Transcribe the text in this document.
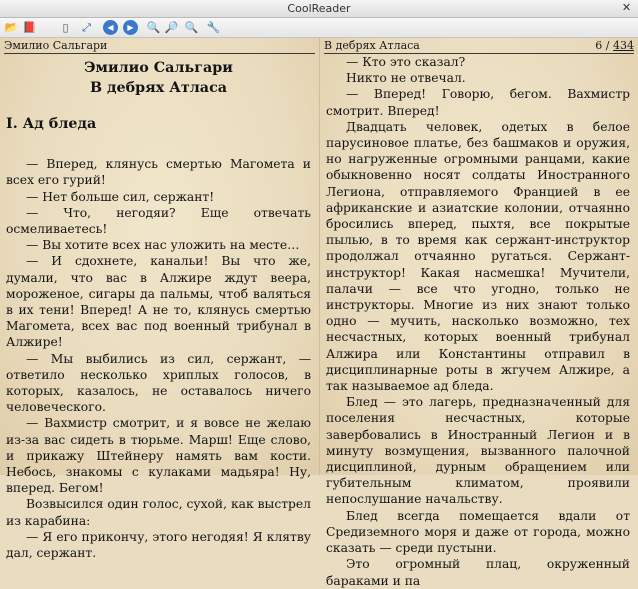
CoolReader	✕
📂 📕	▯	⤢	◀	▶	🔍 🔎 🔍 🔧
Эмилио Сальгари
Эмилио Сальгари
В дебрях Атласа
I. Ад бледа

— Вперед, клянусь смертью Магомета и всех его гурий!

— Нет больше сил, сержант!

— Что, негодяи? Еще отвечать осмеливаетесь!

— Вы хотите всех нас уложить на месте…

— И сдохнете, канальи! Вы что же, думали, что вас в Алжире ждут веера, мороженое, сигары да пальмы, чтоб валяться в их тени! Вперед! А не то, клянусь смертью Магомета, всех вас под военный трибунал в Алжире!

— Мы выбились из сил, сержант, — ответило несколько хриплых голосов, в которых, казалось, не оставалось ничего человеческого.

— Вахмистр смотрит, и я вовсе не желаю из-за вас сидеть в тюрьме. Марш! Еще слово, и прикажу Штейнеру намять вам кости. Небось, знакомы с кулаками мадьяра! Ну, вперед. Бегом!

Возвысился один голос, сухой, как выстрел из карабина:

— Я его прикончу, этого негодяя! Я клятву дал, сержант.

В дебрях Атласа	6 / 434

— Кто это сказал?

Никто не отвечал.

— Вперед! Говорю, бегом. Вахмистр смотрит. Вперед!

Двадцать человек, одетых в белое парусиновое платье, без башмаков и оружия, но нагруженные огромными ранцами, какие обыкновенно носят солдаты Иностранного Легиона, отправляемого Францией в ее африканские и азиатские колонии, отчаянно бросились вперед, пыхтя, все покрытые пылью, в то время как сержант-инструктор продолжал отчаянно ругаться. Сержант-инструктор! Какая насмешка! Мучители, палачи — все что угодно, только не инструкторы. Многие из них знают только одно — мучить, насколько возможно, тех несчастных, которых военный трибунал Алжира или Константины отправил в дисциплинарные роты в жгучем Алжире, а так называемое ад бледа.

Блед — это лагерь, предназначенный для поселения несчастных, которые завербовались в Иностранный Легион и в минуту возмущения, вызванного палочной дисциплиной, дурным обращением или губительным климатом, проявили непослушание начальству.

Блед всегда помещается вдали от Средиземного моря и даже от города, можно сказать — среди пустыни.

Это огромный плац, окруженный бараками и па
